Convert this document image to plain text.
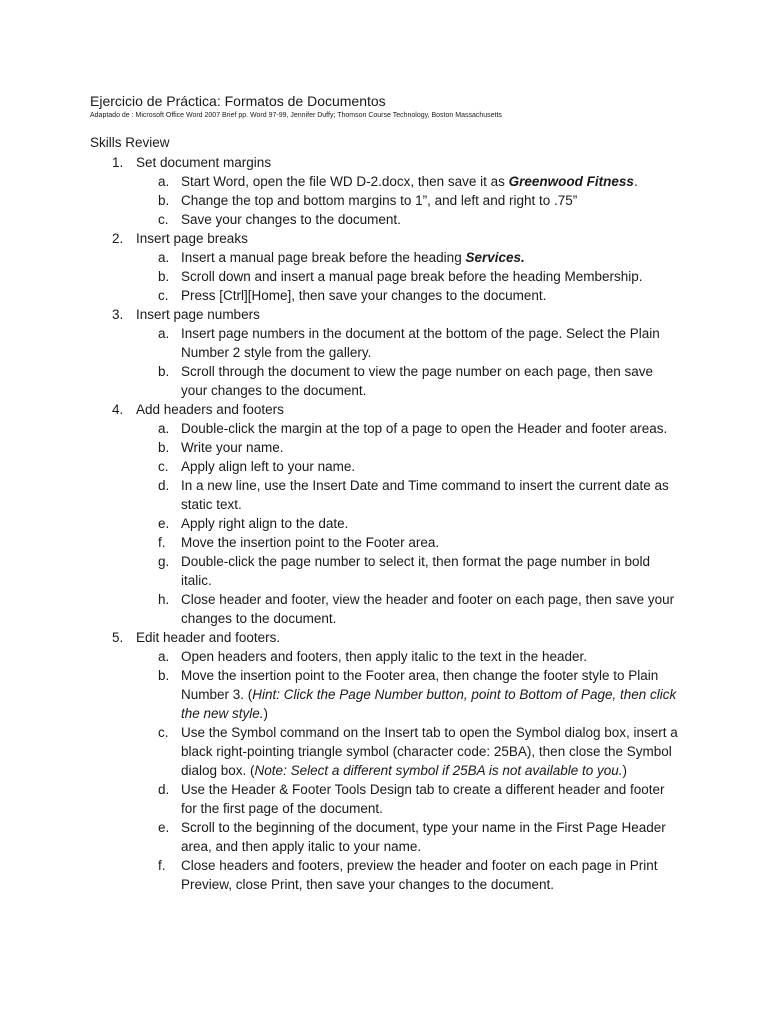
Ejercicio de Práctica: Formatos de Documentos
Adaptado de : Microsoft Office Word 2007 Brief pp. Word 97-99, Jennifer Duffy; Thomson Course Technology, Boston Massachusetts
Skills Review
1. Set document margins
a. Start Word, open the file WD D-2.docx, then save it as Greenwood Fitness.
b. Change the top and bottom margins to 1”, and left and right to .75”
c. Save your changes to the document.
2. Insert page breaks
a. Insert a manual page break before the heading Services.
b. Scroll down and insert a manual page break before the heading Membership.
c. Press [Ctrl][Home], then save your changes to the document.
3. Insert page numbers
a. Insert page numbers in the document at the bottom of the page. Select the Plain Number 2 style from the gallery.
b. Scroll through the document to view the page number on each page, then save your changes to the document.
4. Add headers and footers
a. Double-click the margin at the top of a page to open the Header and footer areas.
b. Write your name.
c. Apply align left to your name.
d. In a new line, use the Insert Date and Time command to insert the current date as static text.
e. Apply right align to the date.
f. Move the insertion point to the Footer area.
g. Double-click the page number to select it, then format the page number in bold italic.
h. Close header and footer, view the header and footer on each page, then save your changes to the document.
5. Edit header and footers.
a. Open headers and footers, then apply italic to the text in the header.
b. Move the insertion point to the Footer area, then change the footer style to Plain Number 3. (Hint: Click the Page Number button, point to Bottom of Page, then click the new style.)
c. Use the Symbol command on the Insert tab to open the Symbol dialog box, insert a black right-pointing triangle symbol (character code: 25BA), then close the Symbol dialog box. (Note: Select a different symbol if 25BA is not available to you.)
d. Use the Header & Footer Tools Design tab to create a different header and footer for the first page of the document.
e. Scroll to the beginning of the document, type your name in the First Page Header area, and then apply italic to your name.
f. Close headers and footers, preview the header and footer on each page in Print Preview, close Print, then save your changes to the document.
